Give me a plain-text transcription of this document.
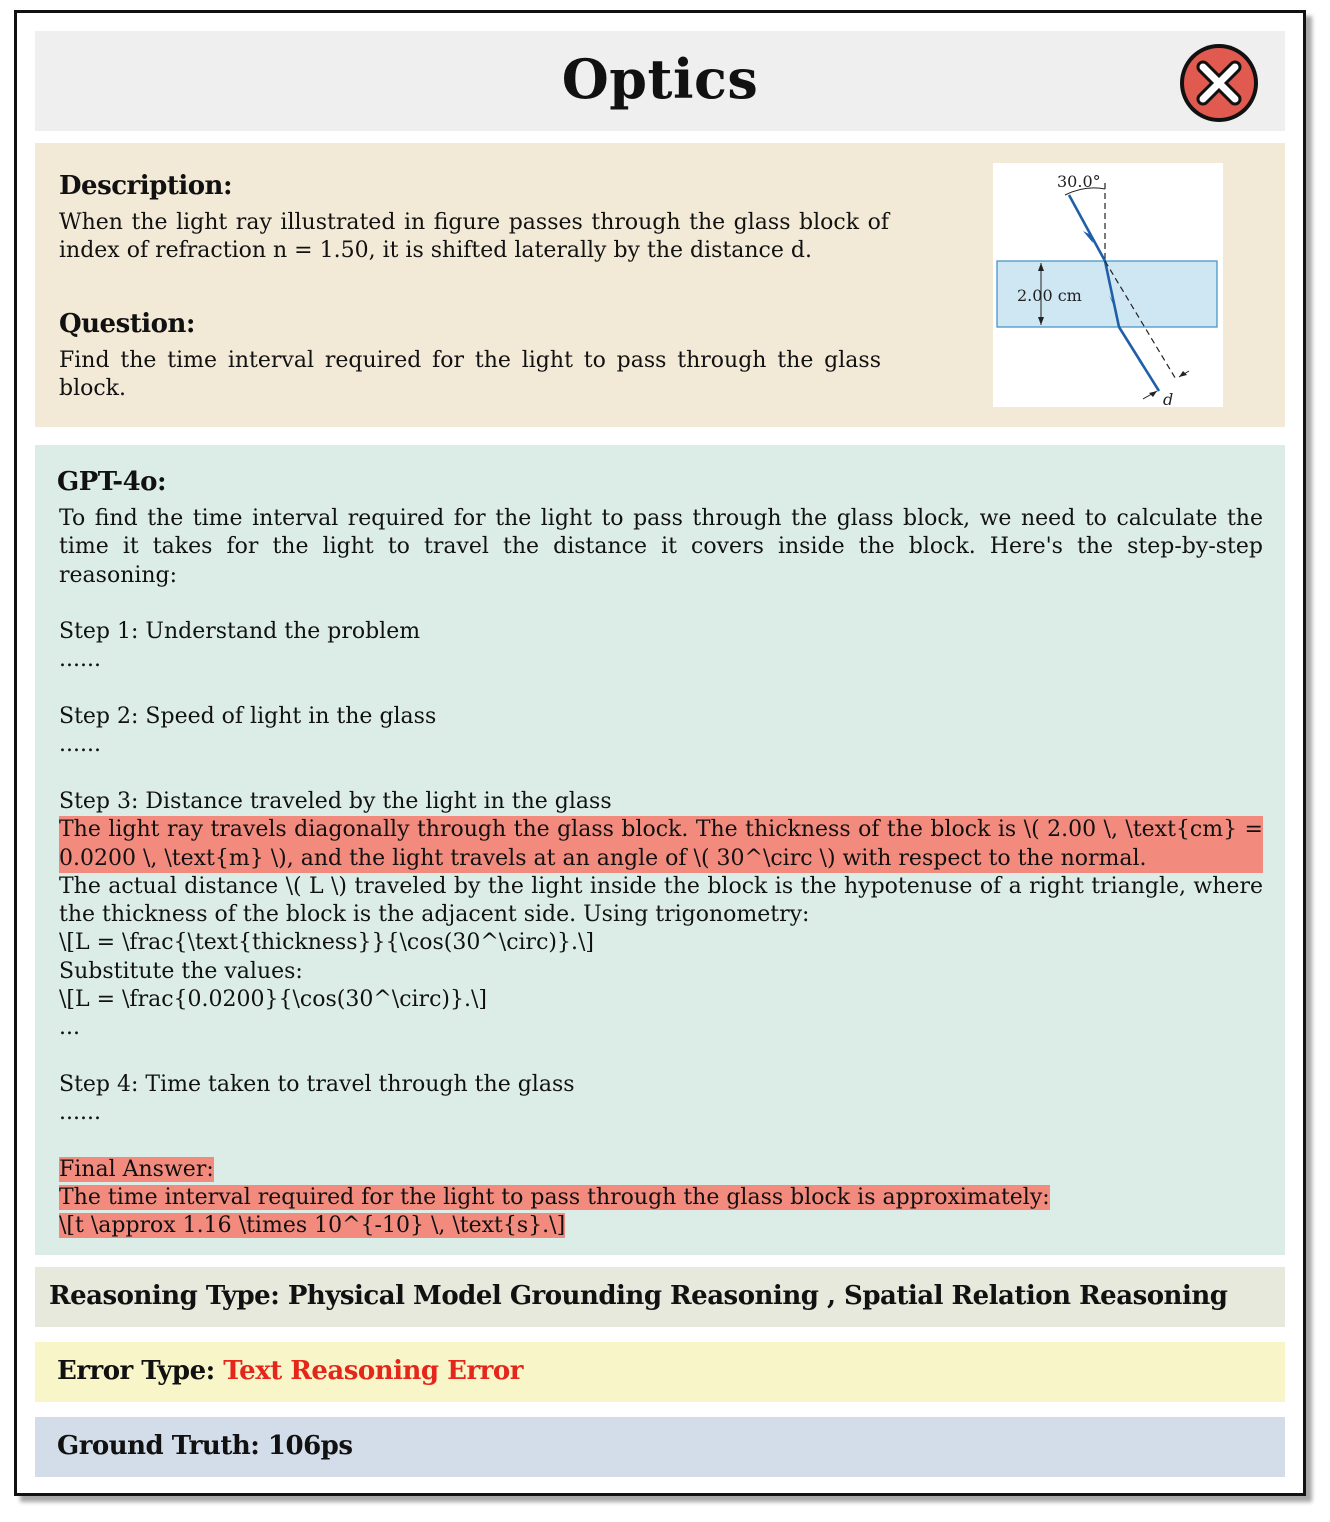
Optics
Description:
When the light ray illustrated in figure passes through the glass block of index of refraction n = 1.50, it is shifted laterally by the distance d.
Question:
Find the time interval required for the light to pass through the glass block.
30.0°
2.00 cm
d
GPT-4o:

To find the time interval required for the light to pass through the glass block, we need to calculate the time it takes for the light to travel the distance it covers inside the block. Here's the step-by-step reasoning:

Step 1: Understand the problem

......

Step 2: Speed of light in the glass

......

Step 3: Distance traveled by the light in the glass

The light ray travels diagonally through the glass block. The thickness of the block is \( 2.00 \, \text{cm} = 0.0200 \, \text{m} \), and the light travels at an angle of \( 30^\circ \) with respect to the normal.

The actual distance \( L \) traveled by the light inside the block is the hypotenuse of a right triangle, where the thickness of the block is the adjacent side. Using trigonometry:

\[L = \frac{\text{thickness}}{\cos(30^\circ)}.\]

Substitute the values:

\[L = \frac{0.0200}{\cos(30^\circ)}.\]

...

Step 4: Time taken to travel through the glass

......

Final Answer:

The time interval required for the light to pass through the glass block is approximately:

\[t \approx 1.16 \times 10^{-10} \, \text{s}.\]

Reasoning Type: Physical Model Grounding Reasoning , Spatial Relation Reasoning
Error Type: Text Reasoning Error
Ground Truth: 106ps
